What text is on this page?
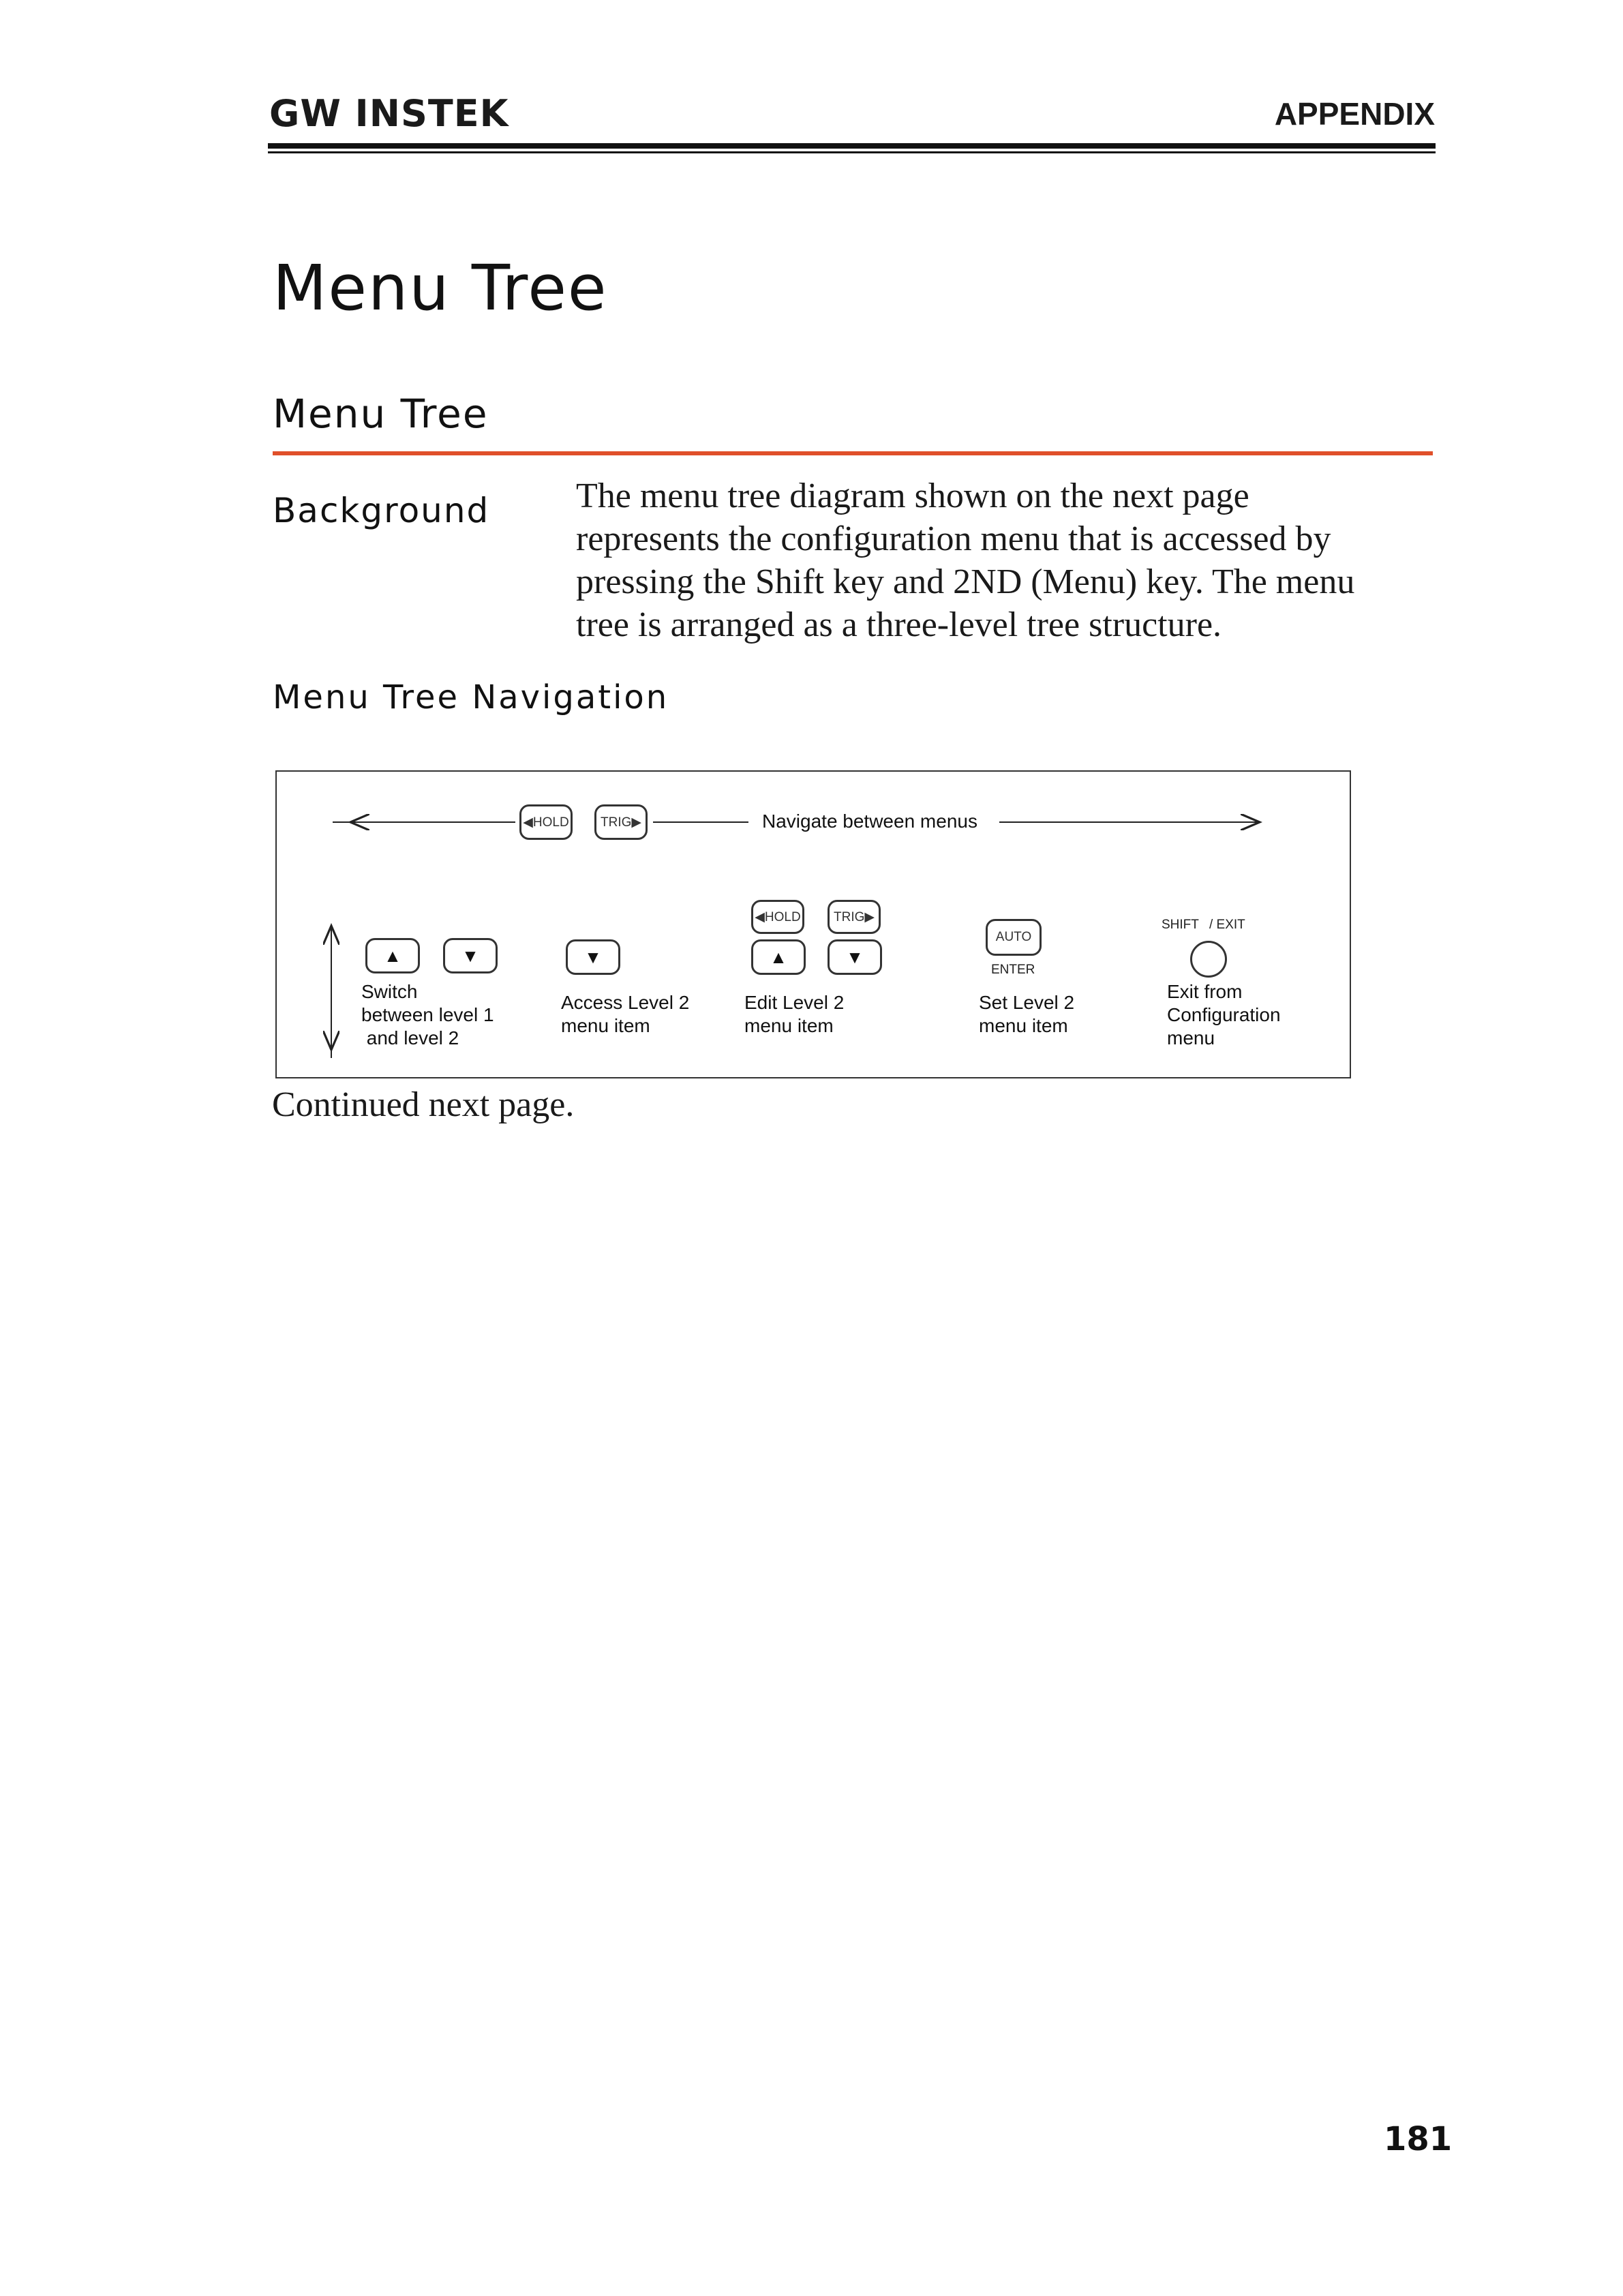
GW INSTEK	APPENDIX
Menu Tree
Menu Tree
Background The menu tree diagram shown on the next page

represents the configuration menu that is accessed by

pressing the Shift key and 2ND (Menu) key. The menu

tree is arranged as a three-level tree structure.

Menu Tree Navigation
◀HOLD	TRIG▶	Navigate between menus
▲	▼
Switch
between level 1
and level 2
▼
Access Level 2
menu item
◀HOLD	TRIG▶
▲	▼
Edit Level 2
menu item
AUTO
ENTER
Set Level 2
menu item
SHIFT / EXIT
Exit from
Configuration
menu
Continued next page.
181
